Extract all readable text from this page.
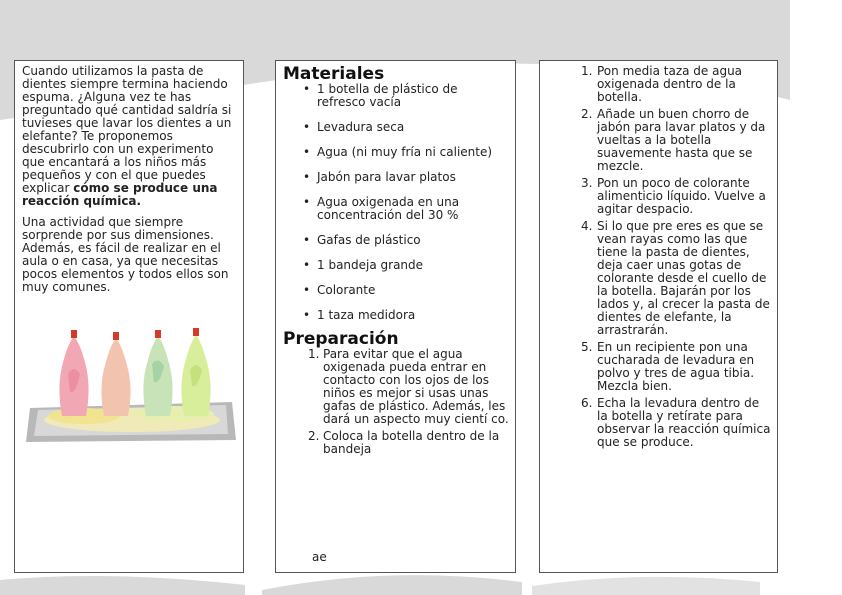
Cuando utilizamos la pasta de dientes siempre termina haciendo espuma. ¿Alguna vez te has preguntado qué cantidad saldría si tuvieses que lavar los dientes a un elefante? Te proponemos descubrirlo con un experimento que encantará a los niños más pequeños y con el que puedes explicar cómo se produce una reacción química.

Una actividad que siempre sorprende por sus dimensiones. Además, es fácil de realizar en el aula o en casa, ya que necesitas pocos elementos y todos ellos son muy comunes.

Materiales
• 1 botella de plástico de refresco vacía
• Levadura seca
• Agua (ni muy fría ni caliente)
• Jabón para lavar platos
• Agua oxigenada en una concentración del 30 %
• Gafas de plástico
• 1 bandeja grande
• Colorante
• 1 taza medidora
Preparación
1. Para evitar que el agua oxigenada pueda entrar en contacto con los ojos de los niños es mejor si usas unas gafas de plástico. Además, les dará un aspecto muy cientí co.
2. Coloca la botella dentro de la bandeja
ae
1. Pon media taza de agua oxigenada dentro de la botella.
2. Añade un buen chorro de jabón para lavar platos y da vueltas a la botella suavemente hasta que se mezcle.
3. Pon un poco de colorante alimenticio líquido. Vuelve a agitar despacio.
4. Si lo que pre eres es que se vean rayas como las que tiene la pasta de dientes, deja caer unas gotas de colorante desde el cuello de la botella. Bajarán por los lados y, al crecer la pasta de dientes de elefante, la arrastrarán.
5. En un recipiente pon una cucharada de levadura en polvo y tres de agua tibia. Mezcla bien.
6. Echa la levadura dentro de la botella y retírate para observar la reacción química que se produce.
